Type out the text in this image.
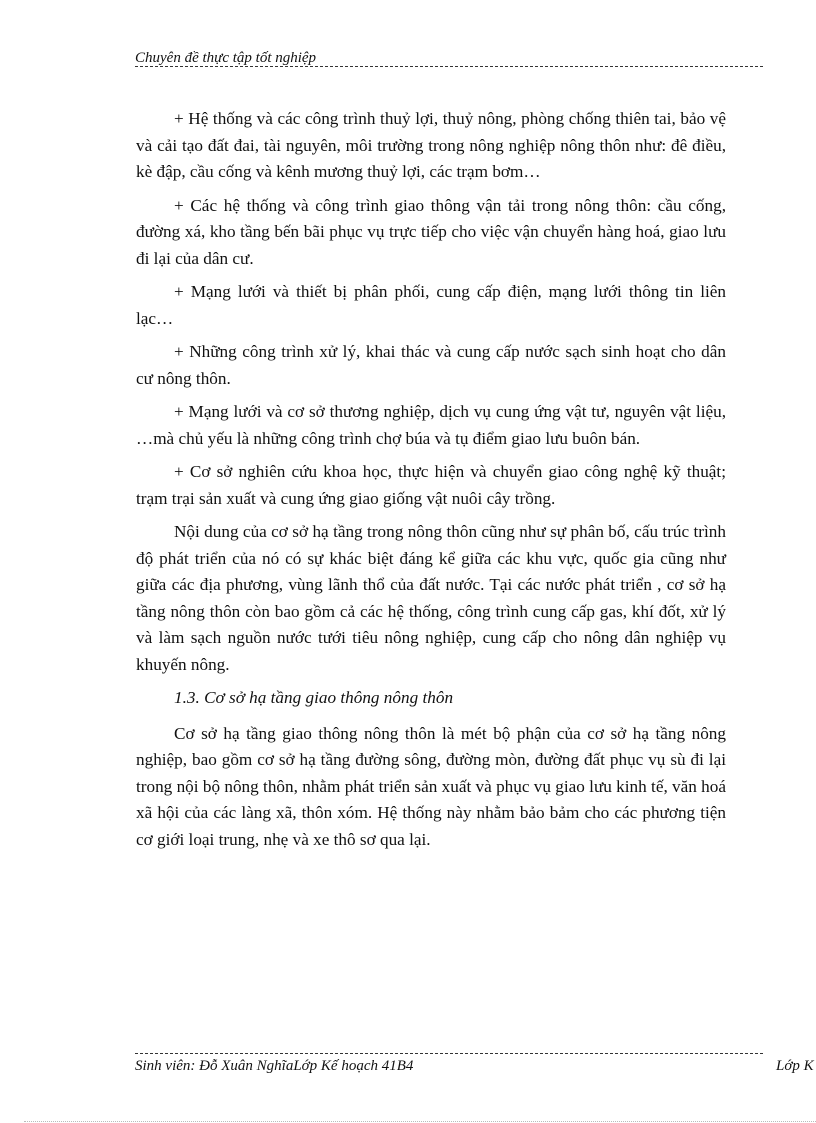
Chuyên đề thực tập tốt nghiệp

+ Hệ thống và các công trình thuỷ lợi, thuỷ nông, phòng chống thiên tai, bảo vệ và cải tạo đất đai, tài nguyên, môi trường trong nông nghiệp nông thôn như: đê điều, kè đập, cầu cống và kênh mương thuỷ lợi, các trạm bơm…

+ Các hệ thống và công trình giao thông vận tải trong nông thôn: cầu cống, đường xá, kho tầng bến bãi phục vụ trực tiếp cho việc vận chuyển hàng hoá, giao lưu đi lại của dân cư.

+ Mạng lưới và thiết bị phân phối, cung cấp điện, mạng lưới thông tin liên lạc…

+ Những công trình xử lý, khai thác và cung cấp nước sạch sinh hoạt cho dân cư nông thôn.

+ Mạng lưới và cơ sở thương nghiệp, dịch vụ cung ứng vật tư, nguyên vật liệu, …mà chủ yếu là những công trình chợ búa và tụ điểm giao lưu buôn bán.

+ Cơ sở nghiên cứu khoa học, thực hiện và chuyển giao công nghệ kỹ thuật; trạm trại sản xuất và cung ứng giao giống vật nuôi cây trồng.

Nội dung của cơ sở hạ tầng trong nông thôn cũng như sự phân bố, cấu trúc trình độ phát triển của nó có sự khác biệt đáng kể giữa các khu vực, quốc gia cũng như giữa các địa phương, vùng lãnh thổ của đất nước. Tại các nước phát triển , cơ sở hạ tầng nông thôn còn bao gồm cả các hệ thống, công trình cung cấp gas, khí đốt, xử lý và làm sạch nguồn nước tưới tiêu nông nghiệp, cung cấp cho nông dân nghiệp vụ khuyến nông.

1.3. Cơ sở hạ tầng giao thông nông thôn

Cơ sở hạ tầng giao thông nông thôn là mét bộ phận của cơ sở hạ tầng nông nghiệp, bao gồm cơ sở hạ tầng đường sông, đường mòn, đường đất phục vụ sù đi lại trong nội bộ nông thôn, nhằm phát triển sản xuất và phục vụ giao lưu kinh tế, văn hoá xã hội của các làng xã, thôn xóm. Hệ thống này nhằm bảo bảm cho các phương tiện cơ giới loại trung, nhẹ và xe thô sơ qua lại.

Sinh viên: Đỗ Xuân NghĩaLớp Kế hoạch 41B4	Lớp K
